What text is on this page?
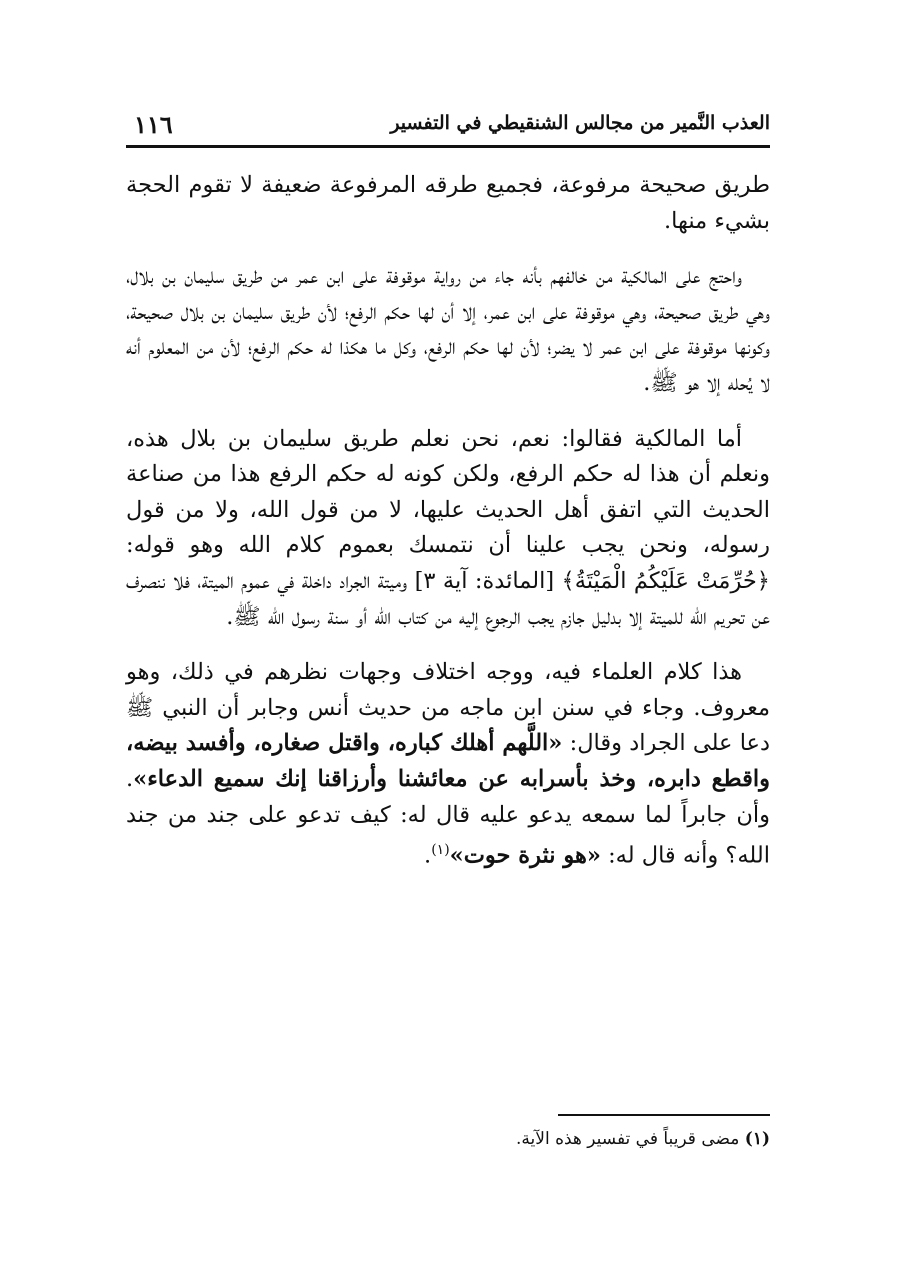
العذب النَّمير من مجالس الشنقيطي في التفسير
١١٦

طريق صحيحة مرفوعة، فجميع طرقه المرفوعة ضعيفة لا تقوم الحجة بشيء منها.

واحتج على المالكية من خالفهم بأنه جاء من رواية موقوفة على ابن عمر من طريق سليمان بن بلال، وهي طريق صحيحة، وهي موقوفة على ابن عمر، إلا أن لها حكم الرفع؛ لأن طريق سليمان بن بلال صحيحة، وكونها موقوفة على ابن عمر لا يضر؛ لأن لها حكم الرفع، وكل ما هكذا له حكم الرفع؛ لأن من المعلوم أنه لا يُحله إلا هو ﷺ.

أما المالكية فقالوا: نعم، نحن نعلم طريق سليمان بن بلال هذه، ونعلم أن هذا له حكم الرفع، ولكن كونه له حكم الرفع هذا من صناعة الحديث التي اتفق أهل الحديث عليها، لا من قول الله، ولا من قول رسوله، ونحن يجب علينا أن نتمسك بعموم كلام الله وهو قوله: ﴿حُرِّمَتْ عَلَيْكُمُ الْمَيْتَةُ﴾ [المائدة: آية ٣] وميتة الجراد داخلة في عموم الميتة، فلا ننصرف عن تحريم الله للميتة إلا بدليل جازم يجب الرجوع إليه من كتاب الله أو سنة رسول الله ﷺ.

هذا كلام العلماء فيه، ووجه اختلاف وجهات نظرهم في ذلك، وهو معروف. وجاء في سنن ابن ماجه من حديث أنس وجابر أن النبي ﷺ دعا على الجراد وقال: «اللَّهم أهلك كباره، واقتل صغاره، وأفسد بيضه، واقطع دابره، وخذ بأسرابه عن معائشنا وأرزاقنا إنك سميع الدعاء». وأن جابراً لما سمعه يدعو عليه قال له: كيف تدعو على جند من جند الله؟ وأنه قال له: «هو نثرة حوت»$^{(١)}$.

(١) مضى قريباً في تفسير هذه الآية.
